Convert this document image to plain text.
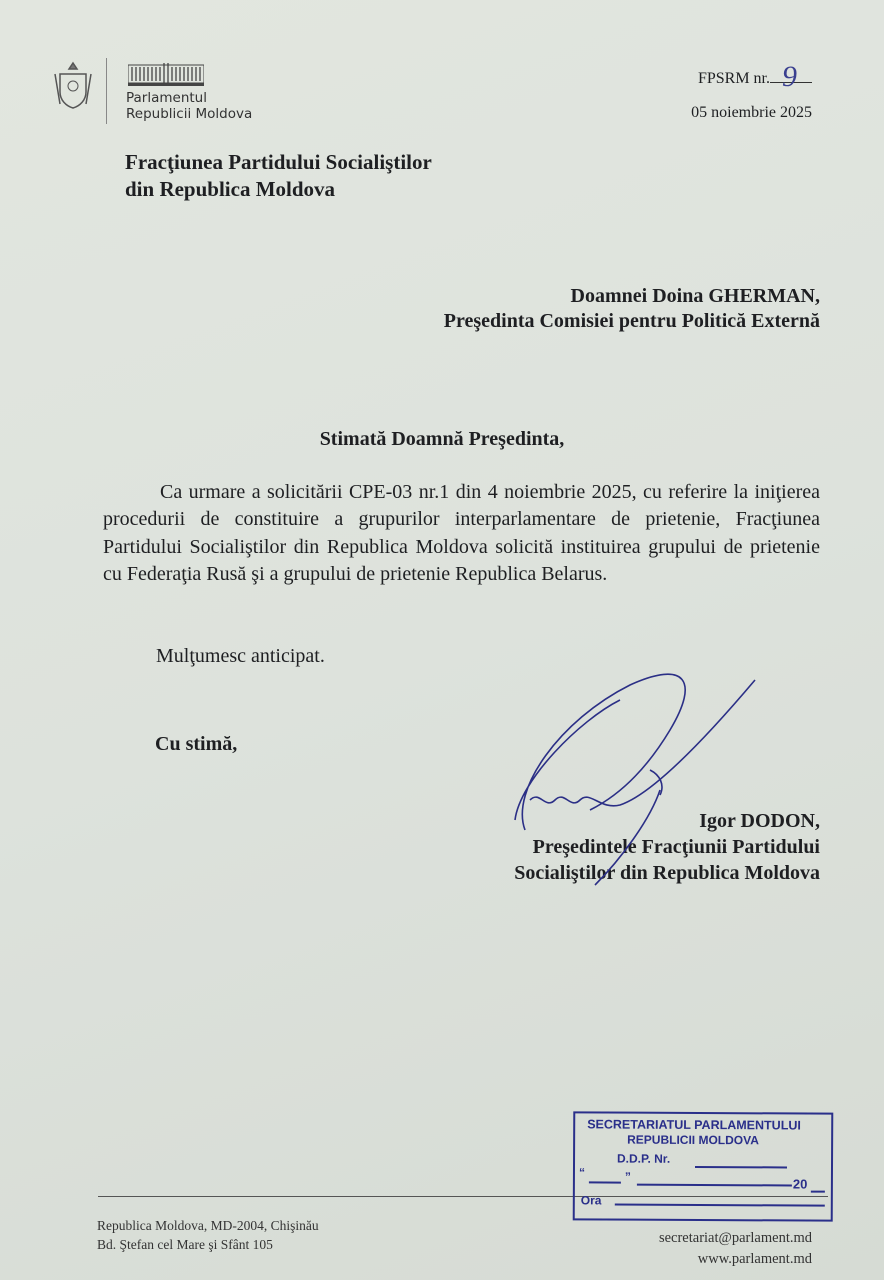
Parlamentul
Republicii Moldova
FPSRM nr. 9
05 noiembrie 2025
Fracţiunea Partidului Socialiştilor
din Republica Moldova
Doamnei Doina GHERMAN,
Preşedinta Comisiei pentru Politică Externă
Stimată Doamnă Preşedinta,
Ca urmare a solicitării CPE-03 nr.1 din 4 noiembrie 2025, cu referire la iniţierea procedurii de constituire a grupurilor interparlamentare de prietenie, Fracţiunea Partidului Socialiştilor din Republica Moldova solicită instituirea grupului de prietenie cu Federaţia Rusă şi a grupului de prietenie Republica Belarus.
Mulţumesc anticipat.
Cu stimă,
Igor DODON,
Preşedintele Fracţiunii Partidului
Socialiştilor din Republica Moldova
Republica Moldova, MD-2004, Chişinău
Bd. Ştefan cel Mare şi Sfânt 105	secretariat@parlament.md
www.parlament.md
SECRETARIATUL PARLAMENTULUI
REPUBLICII MOLDOVA
D.D.P. Nr.
“	”	20
Ora
